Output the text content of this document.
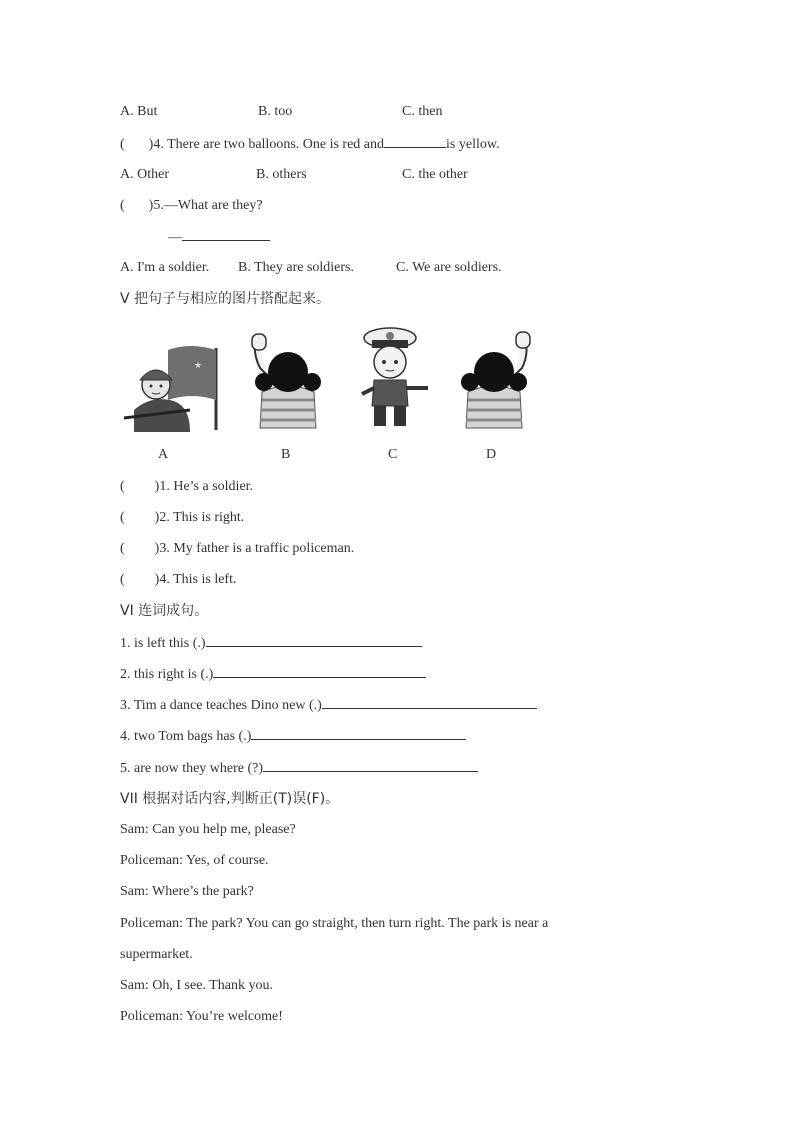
A. But	B. too	C. then
( )4. There are two balloons. One is red and	is yellow.
A. Other	B. others	C. the other
( )5.—What are they?
—
A. I'm a soldier. B. They are soldiers.	C. We are soldiers.
V 把句子与相应的图片搭配起来。
★
A	B	C	D
( )1. He’s a soldier.
( )2. This is right.
( )3. My father is a traffic policeman.
( )4. This is left.
VI 连词成句。
1. is left this (.)
2. this right is (.)
3. Tim a dance teaches Dino new (.)
4. two Tom bags has (.)
5. are now they where (?)
VII 根据对话内容,判断正(T)误(F)。
Sam: Can you help me, please?
Policeman: Yes, of course.
Sam: Where’s the park?
Policeman: The park? You can go straight, then turn right. The park is near a
supermarket.
Sam: Oh, I see. Thank you.
Policeman: You’re welcome!
